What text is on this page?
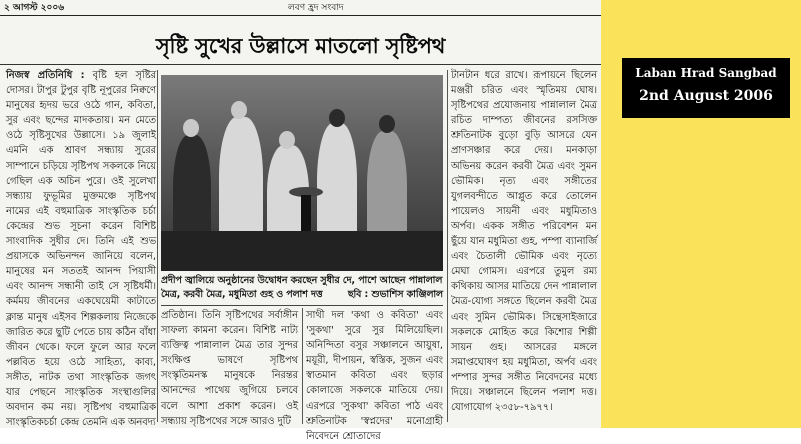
২ আগস্ট ২০০৬	লবণ হ্রদ সংবাদ
সৃষ্টি সুখের উল্লাসে মাতলো সৃষ্টিপথ

নিজস্ব প্রতিনিধি : বৃষ্টি হল সৃষ্টির দোসর। টাপুর টুপুর বৃষ্টি নূপুরের নিক্বণে মানুষের হৃদয় ভরে ওঠে গান, কবিতা, সুর এবং ছন্দের মাদকতায়। মন মেতে ওঠে সৃষ্টিসুখের উল্লাসে। ১৯ জুলাই এমনি এক শ্রাবণ সন্ধ্যায় সুরের সাম্পানে চড়িয়ে সৃষ্টিপথ সকলকে নিয়ে গেছিল এক অচিন পুরে। ওই সুলেখা সন্ধ্যায় ফুভূমির মুক্তমঞ্চে সৃষ্টিপথ নামের এই বহুমাত্রিক সাংস্কৃতিক চর্চা কেন্দ্রের শুভ সূচনা করেন বিশিষ্ট সাংবাদিক সুধীর দে। তিনি এই শুভ প্রয়াসকে অভিনন্দন জানিয়ে বলেন, মানুষের মন সতত‌ই আনন্দ পিয়াসী এবং আনন্দ সন্ধানী তাই সে সৃষ্টিধর্মী। কর্মময় জীবনের একঘেয়েমী কাটাতে ক্লান্ত মানুষ এইসব শিল্পকলায় নিজেকে জারিত করে ছুটি পেতে চায় কঠিন বাঁধা জীবন থেকে। ফলে ফুলে আর ফলে পল্লবিত হয়ে ওঠে সাহিত্য, কাব্য, সঙ্গীত, নাটক তথা সাংস্কৃতিক জগৎ যার পেছনে সাংস্কৃতিক সংস্থাগুলির অবদান কম নয়। সৃষ্টিপথ বহুমাত্রিক সাংস্কৃতিকচর্চা কেন্দ্র তেমনি এক অনবদ্য

প্রদীপ জ্বালিয়ে অনুষ্ঠানের উদ্বোধন করছেন সুধীর দে, পাশে আছেন পান্নালাল মৈত্র, করবী মৈত্র, মধুমিতা গুহ ও পলাশ দত্ত	ছবি : শুভাশিস কাঞ্জিলাল

প্রতিষ্ঠান। তিনি সৃষ্টিপথের সর্বাঙ্গীন সাফল্য কামনা করেন। বিশিষ্ট নাট্য ব্যক্তিত্ব পান্নালাল মৈত্র তার সুন্দর সংক্ষিপ্ত ভাষণে সৃষ্টিপথ সংস্কৃতিমনস্ক মানুষকে নিরন্তর আনন্দের পাথেয় জুগিয়ে চলবে বলে আশা প্রকাশ করেন। ওই সন্ধ্যায় সৃষ্টিপথের সঙ্গে আরও দুটি

সাথী দল 'কথা ও কবিতা' এবং 'সুকথা' সুরে সুর মিলিয়েছিল। অনিন্দিতা বসুর সঞ্চালনে আয়ুষা, ময়ূরী, দীপায়ন, স্বস্তিক, সুজন এবং স্বাতমান কবিতা এবং ছড়ার কোলাজে সকলকে মাতিয়ে দেয়। এরপরে 'সুকথা' কবিতা পাঠ এবং শ্রুতিনাটক 'স্বপ্নদের' মনোগ্রাহী নিবেদনে শ্রোতাদের

টানটান ধরে রাখে। রূপায়নে ছিলেন মঞ্জরী চরিত এবং স্মৃতিময় ঘোষ। সৃষ্টিপথের প্রযোজনায় পান্নালাল মৈত্র রচিত দাম্পত্য জীবনের রসসিক্ত শ্রুতিনাটক বুড়ো বুড়ি আসরে যেন প্রাণসঞ্চার করে দেয়। মনকাড়া অভিনয় করেন করবী মৈত্র এবং সুমন ভৌমিক। নৃত্য এবং সঙ্গীতের যুগলবন্দীতে আপ্লুত করে তোলেন পায়েলও সায়নী এবং মধুমিতাও অর্পব। একক সঙ্গীত পরিবেশন মন ছুঁয়ে যান মধুমিতা গুহ, পম্পা ব্যানার্জি এবং চৈতালী ভৌমিক এবং নৃত্যে মেঘা গোমস। এরপরে তুমুল রম্য কথিকায় আসর মাতিয়ে দেন পান্নালাল মৈত্র-যোগ্য সঙ্গতে ছিলেন করবী মৈত্র এবং সুমিন ভৌমিক। সিন্থেসাইজারে সকলকে মোহিত করে কিশোর শিল্পী সায়ন গুহ। আসরের মঙ্গলে সমাপ্তঘোষণ হয় মধুমিতা, অর্পব এবং পম্পার সুন্দর সঙ্গীত নিবেদনের মধ্যে দিয়ে। সঞ্চালনে ছিলেন পলাশ দত্ত। যোগাযোগ ২৩৫৮-৭৯৭৭।

Laban Hrad Sangbad
2nd August 2006
